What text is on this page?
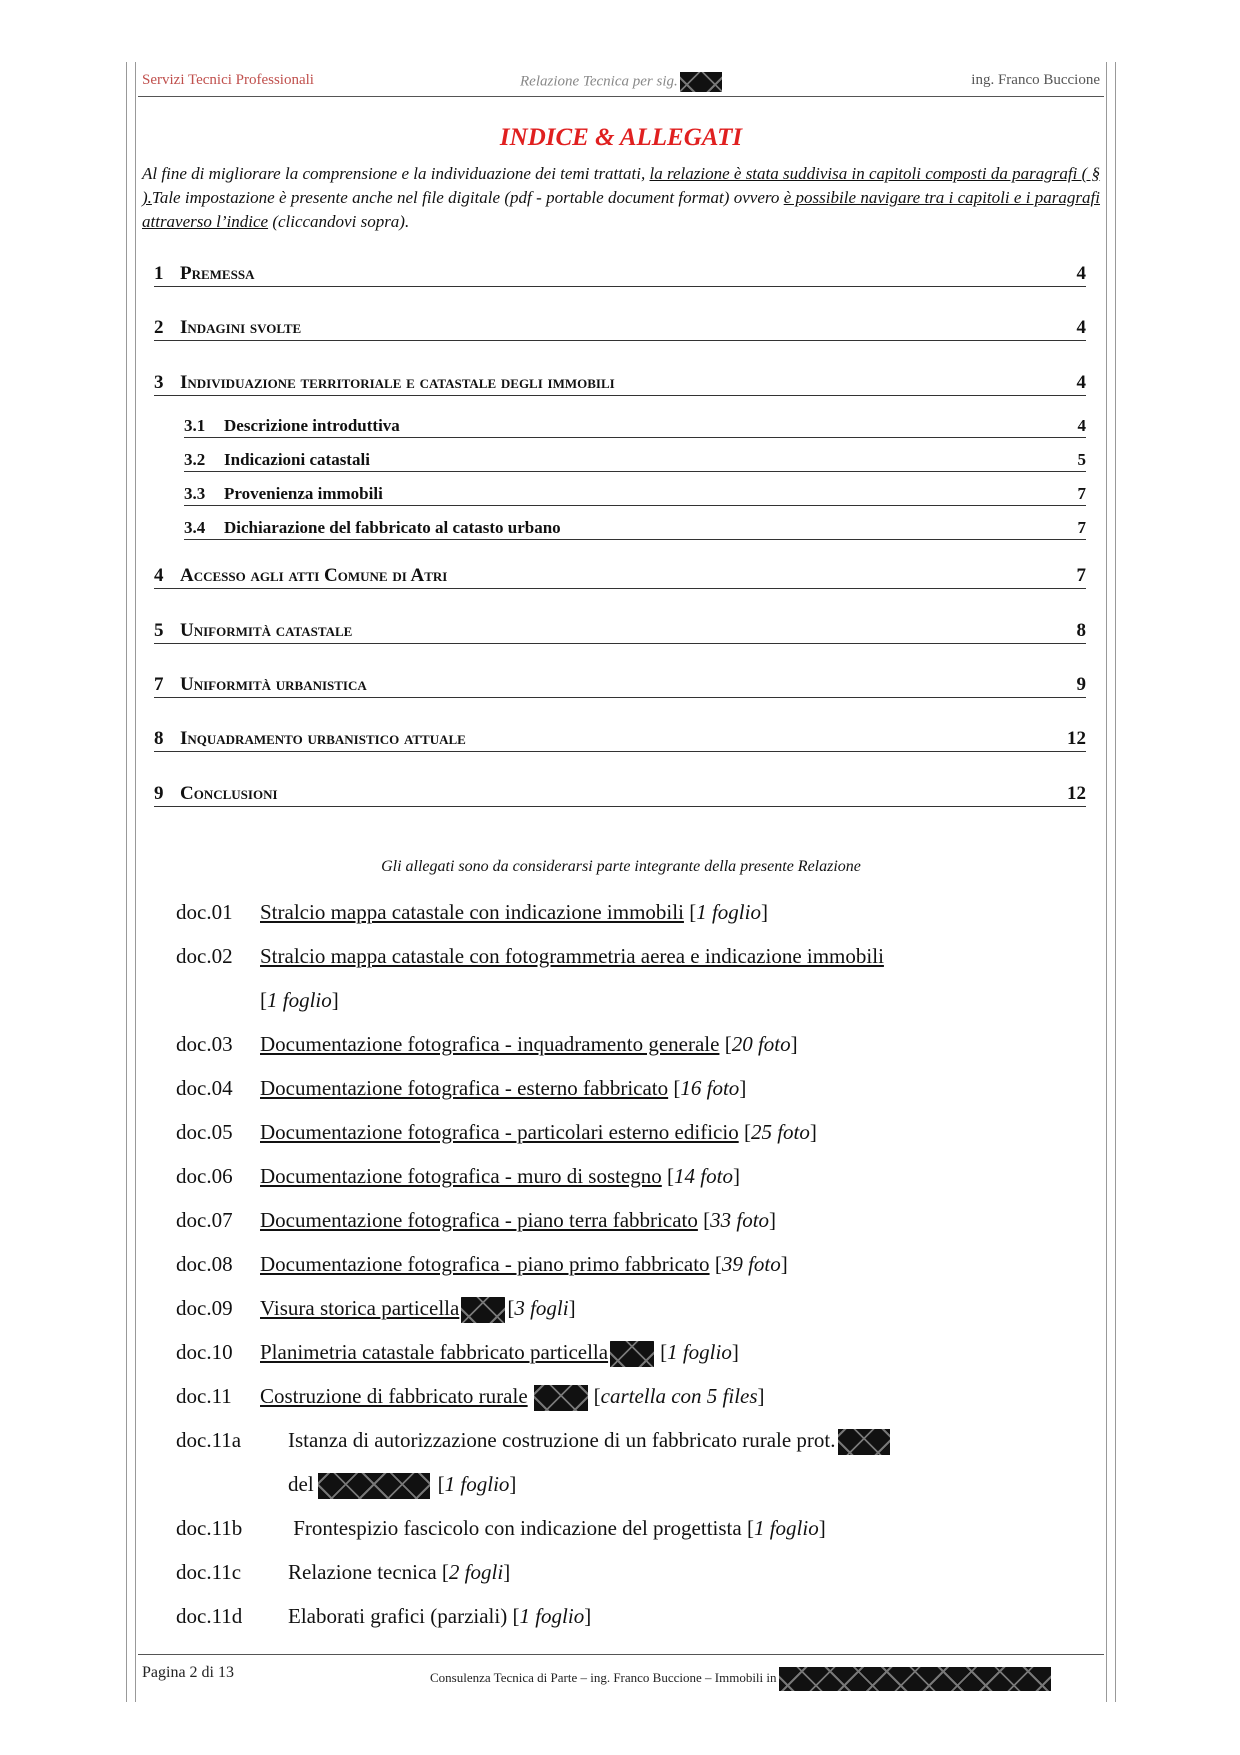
Servizi Tecnici Professionali	Relazione Tecnica per sig.	ing. Franco Buccione
INDICE & ALLEGATI
Al fine di migliorare la comprensione e la individuazione dei temi trattati, la relazione è stata suddivisa in capitoli composti da paragrafi ( § ).Tale impostazione è presente anche nel file digitale (pdf - portable document format) ovvero è possibile navigare tra i capitoli e i paragrafi attraverso l’indice (cliccandovi sopra).
1 Premessa	4
2 Indagini svolte	4
3 Individuazione territoriale e catastale degli immobili	4
3.1 Descrizione introduttiva	4
3.2 Indicazioni catastali	5
3.3 Provenienza immobili	7
3.4 Dichiarazione del fabbricato al catasto urbano	7
4 Accesso agli atti Comune di Atri	7
5 Uniformità catastale	8
7 Uniformità urbanistica	9
8 Inquadramento urbanistico attuale	12
9 Conclusioni	12
Gli allegati sono da considerarsi parte integrante della presente Relazione
doc.01 Stralcio mappa catastale con indicazione immobili [1 foglio]
doc.02 Stralcio mappa catastale con fotogrammetria aerea e indicazione immobili
[1 foglio]
doc.03 Documentazione fotografica - inquadramento generale [20 foto]
doc.04 Documentazione fotografica - esterno fabbricato [16 foto]
doc.05 Documentazione fotografica - particolari esterno edificio [25 foto]
doc.06 Documentazione fotografica - muro di sostegno [14 foto]
doc.07 Documentazione fotografica - piano terra fabbricato [33 foto]
doc.08 Documentazione fotografica - piano primo fabbricato [39 foto]
doc.09 Visura storica particella [3 fogli]
doc.10 Planimetria catastale fabbricato particella [1 foglio]
doc.11 Costruzione di fabbricato rurale	[cartella con 5 files]
doc.11a Istanza di autorizzazione costruzione di un fabbricato rurale prot.
del	[1 foglio]
doc.11b Frontespizio fascicolo con indicazione del progettista [1 foglio]
doc.11c Relazione tecnica [2 fogli]
doc.11d Elaborati grafici (parziali) [1 foglio]
Pagina 2 di 13	Consulenza Tecnica di Parte – ing. Franco Buccione – Immobili in
